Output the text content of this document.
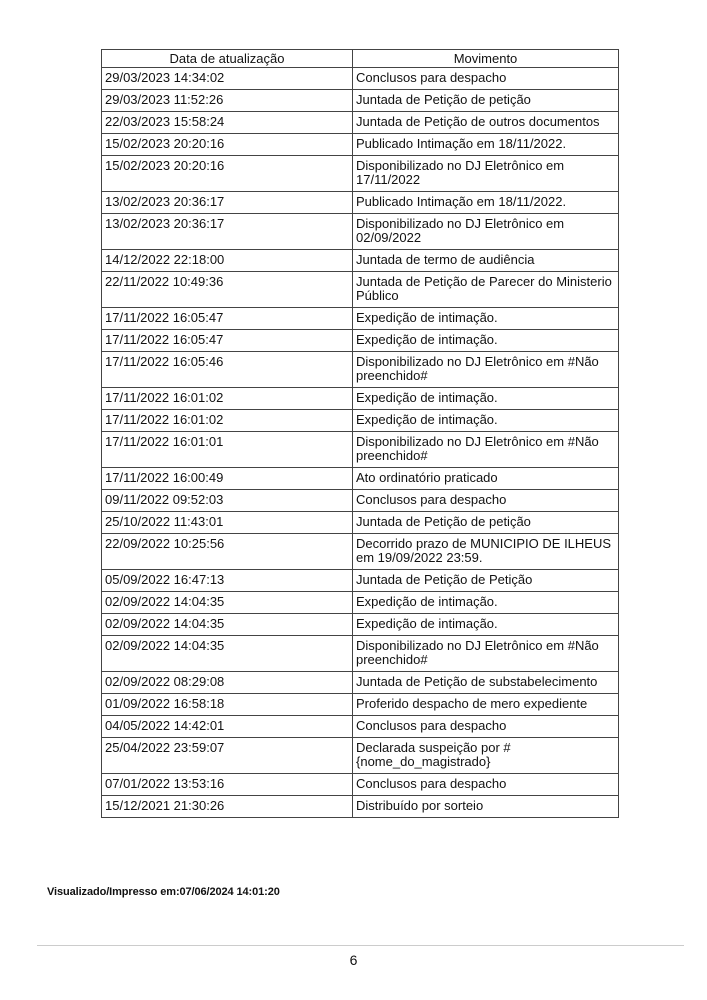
Data de atualização	Movimento
29/03/2023 14:34:02	Conclusos para despacho
29/03/2023 11:52:26	Juntada de Petição de petição
22/03/2023 15:58:24	Juntada de Petição de outros documentos
15/02/2023 20:20:16	Publicado Intimação em 18/11/2022.
15/02/2023 20:20:16	Disponibilizado no DJ Eletrônico em 17/11/2022
13/02/2023 20:36:17	Publicado Intimação em 18/11/2022.
13/02/2023 20:36:17	Disponibilizado no DJ Eletrônico em 02/09/2022
14/12/2022 22:18:00	Juntada de termo de audiência
22/11/2022 10:49:36	Juntada de Petição de Parecer do Ministerio Público
17/11/2022 16:05:47	Expedição de intimação.
17/11/2022 16:05:47	Expedição de intimação.
17/11/2022 16:05:46	Disponibilizado no DJ Eletrônico em #Não preenchido#
17/11/2022 16:01:02	Expedição de intimação.
17/11/2022 16:01:02	Expedição de intimação.
17/11/2022 16:01:01	Disponibilizado no DJ Eletrônico em #Não preenchido#
17/11/2022 16:00:49	Ato ordinatório praticado
09/11/2022 09:52:03	Conclusos para despacho
25/10/2022 11:43:01	Juntada de Petição de petição
22/09/2022 10:25:56	Decorrido prazo de MUNICIPIO DE ILHEUS em 19/09/2022 23:59.
05/09/2022 16:47:13	Juntada de Petição de Petição
02/09/2022 14:04:35	Expedição de intimação.
02/09/2022 14:04:35	Expedição de intimação.
02/09/2022 14:04:35	Disponibilizado no DJ Eletrônico em #Não preenchido#
02/09/2022 08:29:08	Juntada de Petição de substabelecimento
01/09/2022 16:58:18	Proferido despacho de mero expediente
04/05/2022 14:42:01	Conclusos para despacho
25/04/2022 23:59:07	Declarada suspeição por #{nome_do_magistrado}
07/01/2022 13:53:16	Conclusos para despacho
15/12/2021 21:30:26	Distribuído por sorteio
Visualizado/Impresso em:07/06/2024 14:01:20
6
